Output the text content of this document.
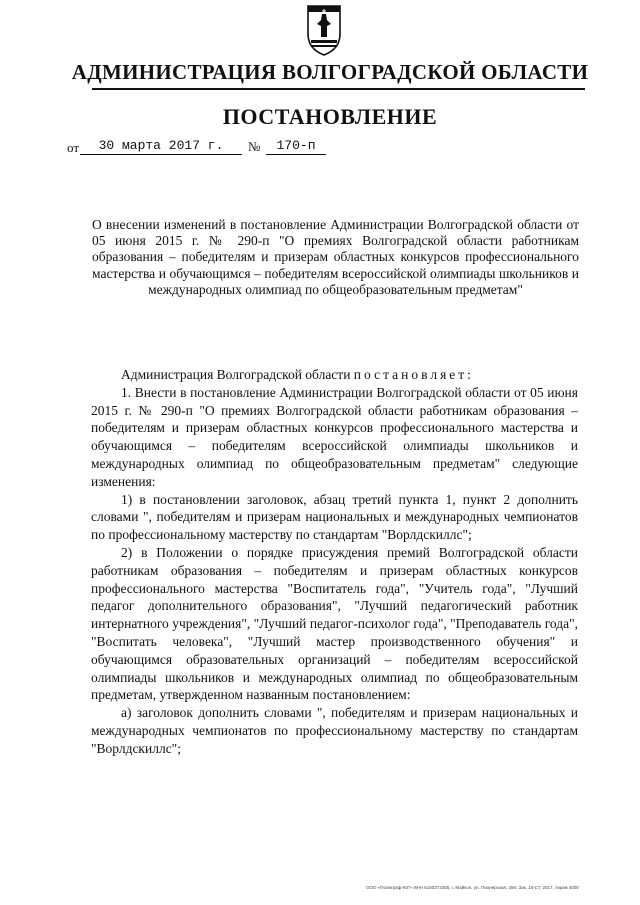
АДМИНИСТРАЦИЯ ВОЛГОГРАДСКОЙ ОБЛАСТИ
ПОСТАНОВЛЕНИЕ
от	30 марта 2017 г.	№	170-п
О внесении изменений в постановление Администрации Волгоградской области от 05 июня 2015 г. № 290-п "О премиях Волгоградской области работникам образования – победителям и призерам областных конкурсов профессионального мастерства и обучающимся – победителям всероссийской олимпиады школьников и международных олимпиад по общеобразовательным предметам"

Администрация Волгоградской области постановляет:

1. Внести в постановление Администрации Волгоградской области от 05 июня 2015 г. № 290-п "О премиях Волгоградской области работникам образования – победителям и призерам областных конкурсов профессионального мастерства и обучающимся – победителям всероссийской олимпиады школьников и международных олимпиад по общеобразовательным предметам" следующие изменения:

1) в постановлении заголовок, абзац третий пункта 1, пункт 2 дополнить словами ", победителям и призерам национальных и международных чемпионатов по профессиональному мастерству по стандартам "Ворлдскиллс";

2) в Положении о порядке присуждения премий Волгоградской области работникам образования – победителям и призерам областных конкурсов профессионального мастерства "Воспитатель года", "Учитель года", "Лучший педагог дополнительного образования", "Лучший педагогический работник интернатного учреждения", "Лучший педагог-психолог года", "Преподаватель года", "Воспитать человека", "Лучший мастер производственного обучения" и обучающимся образовательных организаций – победителям всероссийской олимпиады школьников и международных олимпиад по общеобразовательным предметам, утвержденном названным постановлением:

а) заголовок дополнить словами ", победителям и призерам национальных и международных чемпионатов по профессиональному мастерству по стандартам "Ворлдскиллс";

ООО «Полиграф-ЮГ» ИНН 6150372305, г. Майкоп, ул. Пионерская, 269. Зак. 15-СТ, 2017, тираж 4000
